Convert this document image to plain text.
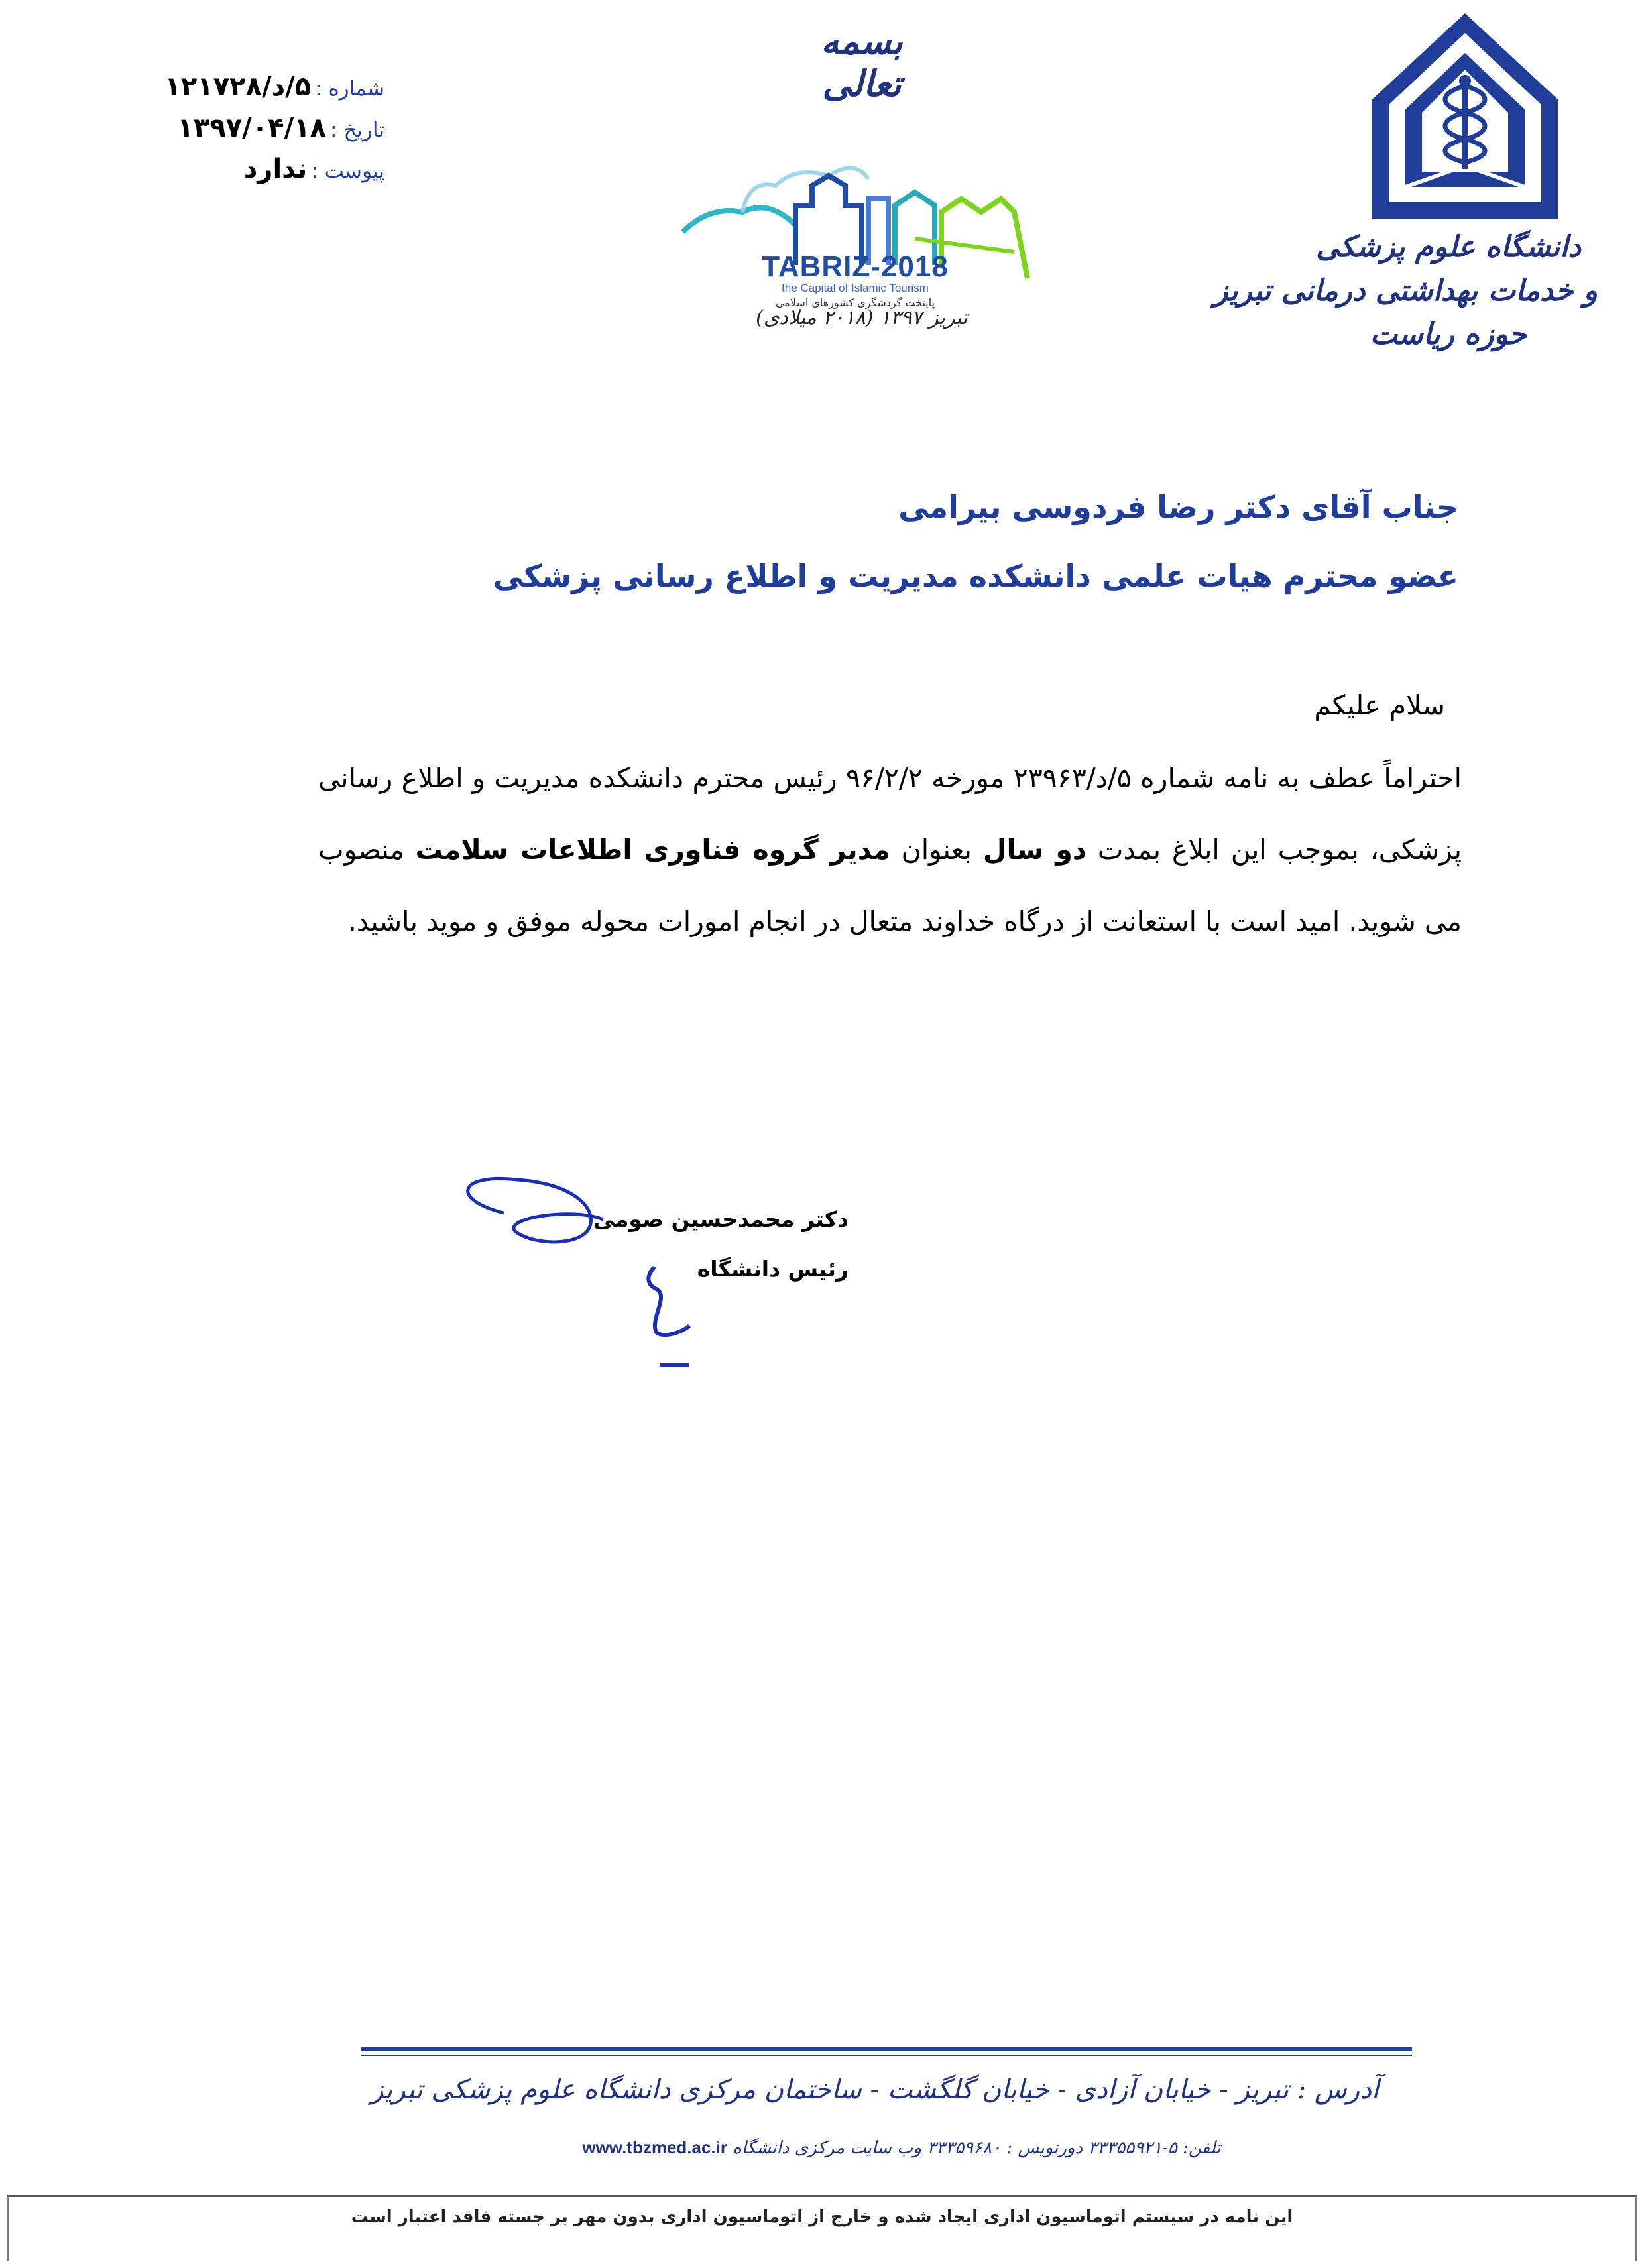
بسمه تعالی
شماره :
۵/د/۱۲۱۷۲۸
تاریخ :
۱۳۹۷/۰۴/۱۸
پیوست :
ندارد
TABRIZ-2018
the Capital of Islamic Tourism
پایتخت گردشگری کشورهای اسلامی
تبریز ۱۳۹۷ (۲۰۱۸ میلادی)
دانشگاه علوم پزشکی
و خدمات بهداشتی درمانی تبریز
حوزه ریاست
جناب آقای دکتر رضا فردوسی بیرامی
عضو محترم هیات علمی دانشکده مدیریت و اطلاع رسانی پزشکی
سلام علیکم

احتراماً عطف به نامه شماره ۵/د/۲۳۹۶۳ مورخه ۹۶/۲/۲ رئیس محترم دانشکده مدیریت و اطلاع رسانی پزشکی، بموجب این ابلاغ بمدت دو سال بعنوان مدیر گروه فناوری اطلاعات سلامت منصوب می شوید. امید است با استعانت از درگاه خداوند متعال در انجام امورات محوله موفق و موید باشید.

دکتر محمدحسین صومی
رئیس دانشگاه
آدرس : تبریز - خیابان آزادی - خیابان گلگشت - ساختمان مرکزی دانشگاه علوم پزشکی تبریز
تلفن: ۵-۳۳۳۵۵۹۲۱ دورنویس : ۳۳۳۵۹۶۸۰ وب سایت مرکزی دانشگاه www.tbzmed.ac.ir
این نامه در سیستم اتوماسیون اداری ایجاد شده و خارج از اتوماسیون اداری بدون مهر بر جسته فاقد اعتبار است
